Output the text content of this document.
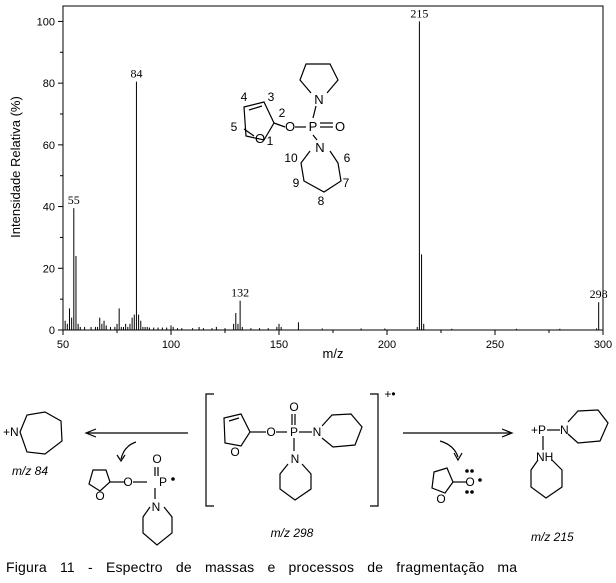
50	100	150	200	250	300
0
20
40
60
80
100
55
84
132
215
298
m/z
Intensidade Relativa (%)	O
O P O
N
N
1
2
3
4
5
6
7
8
9
10
+N
m/z 84
O P
O
N
O
O
O P
O
N
N
+•
m/z 298
O
O
+P N
NH
m/z 215
Figura 11 - Espectro de massas e processos de fragmentação ma
